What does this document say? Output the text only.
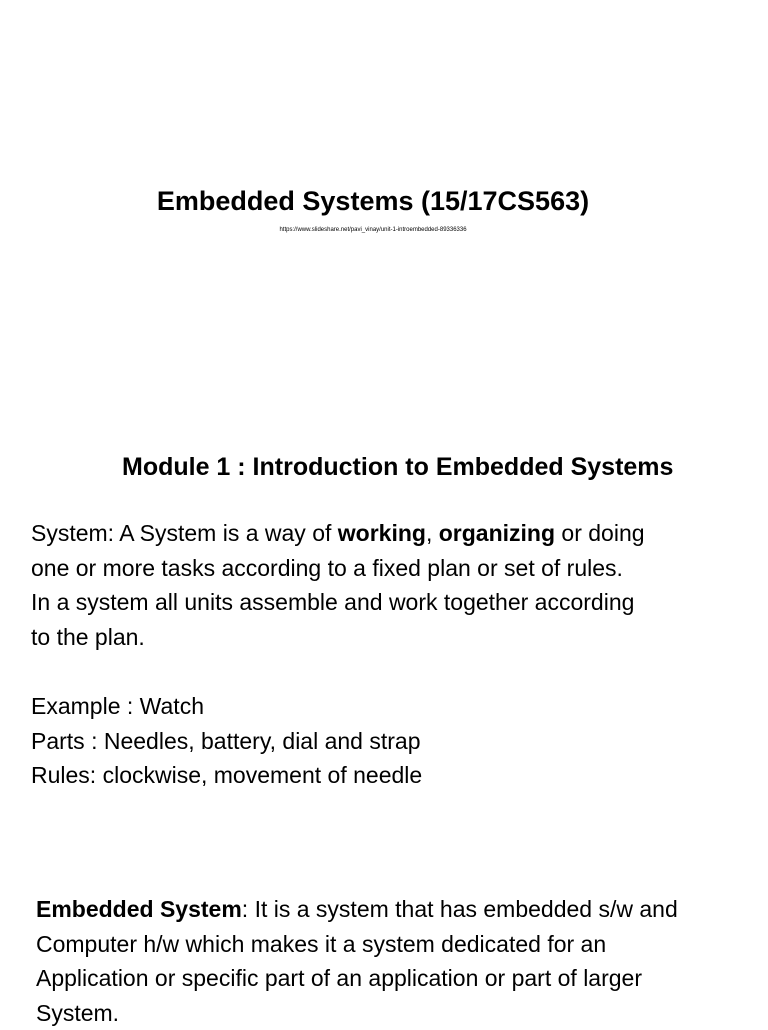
Embedded Systems (15/17CS563)
https://www.slideshare.net/pavi_vinay/unit-1-introembedded-89336336
Module 1 : Introduction to Embedded Systems
System: A System is a way of working, organizing or doing
one or more tasks according to a fixed plan or set of rules.
In a system all units assemble and work together according
to the plan.
Example : Watch
Parts : Needles, battery, dial and strap
Rules: clockwise, movement of needle
Embedded System: It is a system that has embedded s/w and
Computer h/w which makes it a system dedicated for an
Application or specific part of an application or part of larger
System.
